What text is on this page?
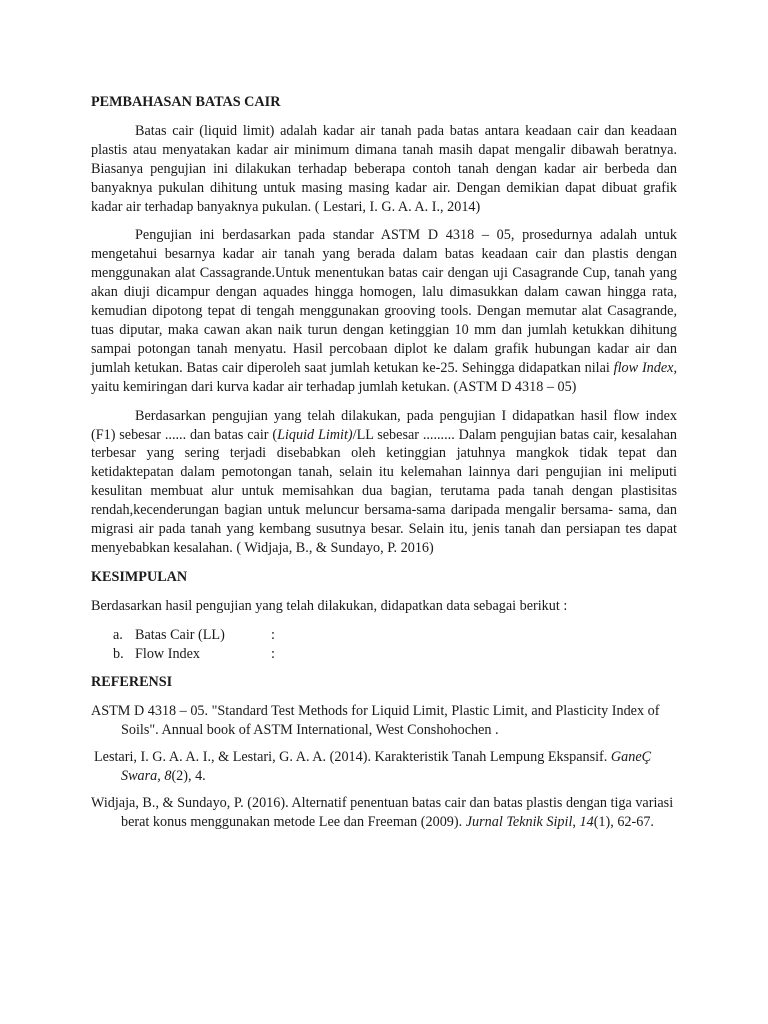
PEMBAHASAN BATAS CAIR

Batas cair (liquid limit) adalah kadar air tanah pada batas antara keadaan cair dan keadaan plastis atau menyatakan kadar air minimum dimana tanah masih dapat mengalir dibawah beratnya. Biasanya pengujian ini dilakukan terhadap beberapa contoh tanah dengan kadar air berbeda dan banyaknya pukulan dihitung untuk masing masing kadar air. Dengan demikian dapat dibuat grafik kadar air terhadap banyaknya pukulan. ( Lestari, I. G. A. A. I., 2014)

Pengujian ini berdasarkan pada standar ASTM D 4318 – 05, prosedurnya adalah untuk mengetahui besarnya kadar air tanah yang berada dalam batas keadaan cair dan plastis dengan menggunakan alat Cassagrande.Untuk menentukan batas cair dengan uji Casagrande Cup, tanah yang akan diuji dicampur dengan aquades hingga homogen, lalu dimasukkan dalam cawan hingga rata, kemudian dipotong tepat di tengah menggunakan grooving tools. Dengan memutar alat Casagrande, tuas diputar, maka cawan akan naik turun dengan ketinggian 10 mm dan jumlah ketukkan dihitung sampai potongan tanah menyatu. Hasil percobaan diplot ke dalam grafik hubungan kadar air dan jumlah ketukan. Batas cair diperoleh saat jumlah ketukan ke-25. Sehingga didapatkan nilai flow Index, yaitu kemiringan dari kurva kadar air terhadap jumlah ketukan. (ASTM D 4318 – 05)

Berdasarkan pengujian yang telah dilakukan, pada pengujian I didapatkan hasil flow index (F1) sebesar ...... dan batas cair (Liquid Limit)/LL sebesar ......... Dalam pengujian batas cair, kesalahan terbesar yang sering terjadi disebabkan oleh ketinggian jatuhnya mangkok tidak tepat dan ketidaktepatan dalam pemotongan tanah, selain itu kelemahan lainnya dari pengujian ini meliputi kesulitan membuat alur untuk memisahkan dua bagian, terutama pada tanah dengan plastisitas rendah,kecenderungan bagian untuk meluncur bersama-sama daripada mengalir bersama- sama, dan migrasi air pada tanah yang kembang susutnya besar. Selain itu, jenis tanah dan persiapan tes dapat menyebabkan kesalahan. ( Widjaja, B., & Sundayo, P. 2016)

KESIMPULAN

Berdasarkan hasil pengujian yang telah dilakukan, didapatkan data sebagai berikut :

a. Batas Cair (LL)	:
b. Flow Index	:
REFERENSI

ASTM D 4318 – 05. "Standard Test Methods for Liquid Limit, Plastic Limit, and Plasticity Index of Soils". Annual book of ASTM International, West Conshohochen .

Lestari, I. G. A. A. I., & Lestari, G. A. A. (2014). Karakteristik Tanah Lempung Ekspansif. GaneÇ Swara, 8(2), 4.

Widjaja, B., & Sundayo, P. (2016). Alternatif penentuan batas cair dan batas plastis dengan tiga variasi berat konus menggunakan metode Lee dan Freeman (2009). Jurnal Teknik Sipil, 14(1), 62-67.
